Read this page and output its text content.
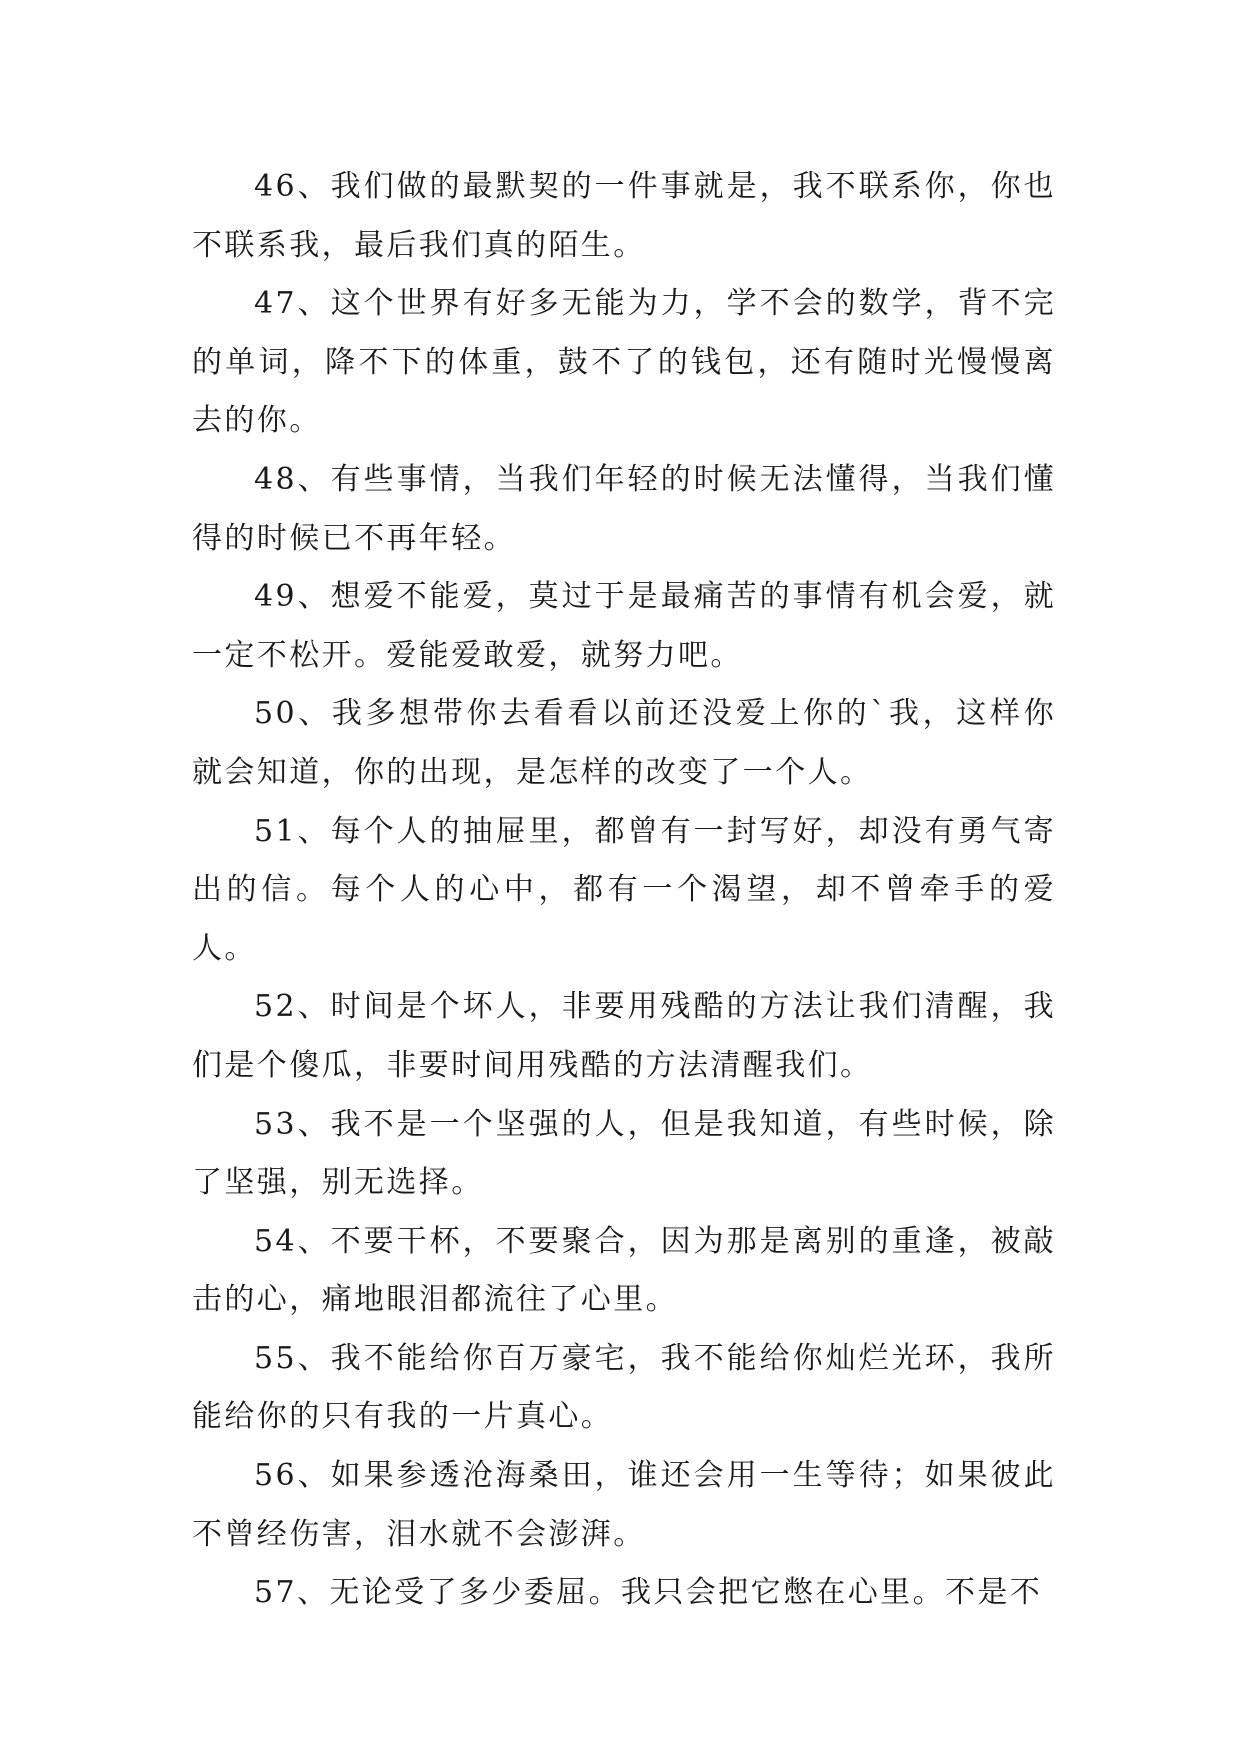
46、我们做的最默契的一件事就是，我不联系你，你也不联系我，最后我们真的陌生。

47、这个世界有好多无能为力，学不会的数学，背不完的单词，降不下的体重，鼓不了的钱包，还有随时光慢慢离去的你。

48、有些事情，当我们年轻的时候无法懂得，当我们懂得的时候已不再年轻。

49、想爱不能爱，莫过于是最痛苦的事情有机会爱，就一定不松开。爱能爱敢爱，就努力吧。

50、我多想带你去看看以前还没爱上你的`我，这样你就会知道，你的出现，是怎样的改变了一个人。

51、每个人的抽屉里，都曾有一封写好，却没有勇气寄出的信。每个人的心中，都有一个渴望，却不曾牵手的爱人。

52、时间是个坏人，非要用残酷的方法让我们清醒，我们是个傻瓜，非要时间用残酷的方法清醒我们。

53、我不是一个坚强的人，但是我知道，有些时候，除了坚强，别无选择。

54、不要干杯，不要聚合，因为那是离别的重逢，被敲击的心，痛地眼泪都流往了心里。

55、我不能给你百万豪宅，我不能给你灿烂光环，我所能给你的只有我的一片真心。

56、如果参透沧海桑田，谁还会用一生等待；如果彼此不曾经伤害，泪水就不会澎湃。

57、无论受了多少委屈。我只会把它憋在心里。不是不
